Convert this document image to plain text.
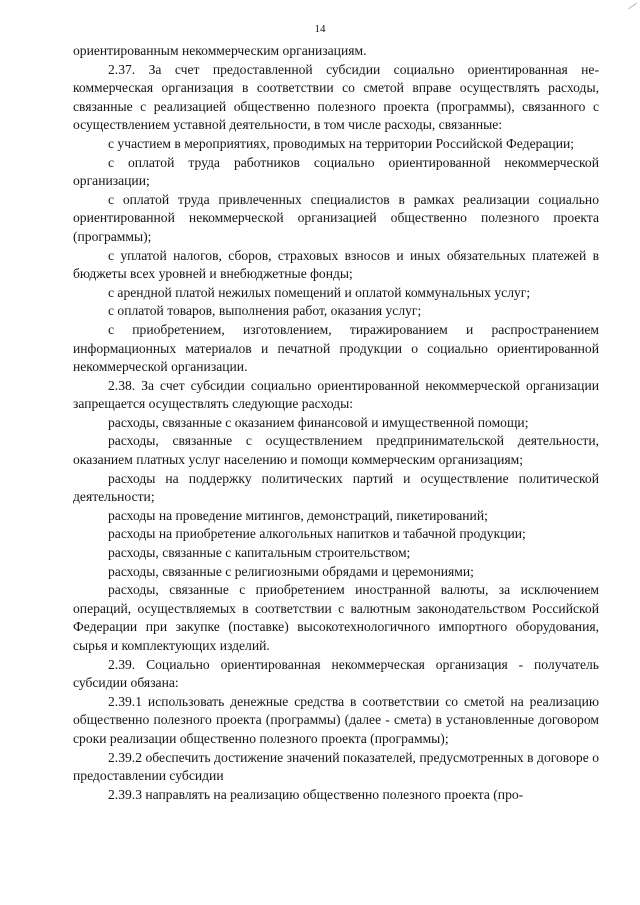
14

ориентированным некоммерческим организациям.

2.37. За счет предоставленной субсидии социально ориентированная некоммерческая организация в соответствии со сметой вправе осуществлять расходы, связанные с реализацией общественно полезного проекта (программы), связанного с осуществлением уставной деятельности, в том числе расходы, связанные:

с участием в мероприятиях, проводимых на территории Российской Федерации;

с оплатой труда работников социально ориентированной некоммерческой организации;

с оплатой труда привлеченных специалистов в рамках реализации социально ориентированной некоммерческой организацией общественно полезного проекта (программы);

с уплатой налогов, сборов, страховых взносов и иных обязательных платежей в бюджеты всех уровней и внебюджетные фонды;

с арендной платой нежилых помещений и оплатой коммунальных услуг;

с оплатой товаров, выполнения работ, оказания услуг;

с приобретением, изготовлением, тиражированием и распространением информационных материалов и печатной продукции о социально ориентированной некоммерческой организации.

2.38. За счет субсидии социально ориентированной некоммерческой организации запрещается осуществлять следующие расходы:

расходы, связанные с оказанием финансовой и имущественной помощи;

расходы, связанные с осуществлением предпринимательской деятельности, оказанием платных услуг населению и помощи коммерческим организациям;

расходы на поддержку политических партий и осуществление политической деятельности;

расходы на проведение митингов, демонстраций, пикетирований;

расходы на приобретение алкогольных напитков и табачной продукции;

расходы, связанные с капитальным строительством;

расходы, связанные с религиозными обрядами и церемониями;

расходы, связанные с приобретением иностранной валюты, за исключением операций, осуществляемых в соответствии с валютным законодательством Российской Федерации при закупке (поставке) высокотехнологичного импортного оборудования, сырья и комплектующих изделий.

2.39. Социально ориентированная некоммерческая организация - получатель субсидии обязана:

2.39.1 использовать денежные средства в соответствии со сметой на реализацию общественно полезного проекта (программы) (далее - смета) в установленные договором сроки реализации общественно полезного проекта (программы);

2.39.2 обеспечить достижение значений показателей, предусмотренных в договоре о предоставлении субсидии

2.39.3 направлять на реализацию общественно полезного проекта (про-
